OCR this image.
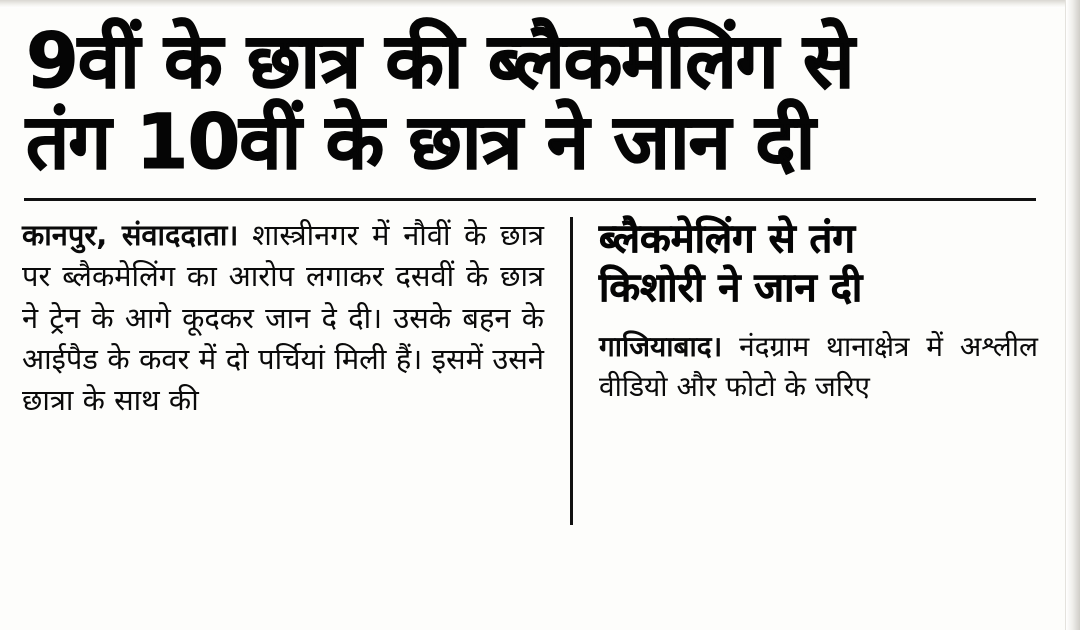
9वीं के छात्र की ब्लैकमेलिंग से
तंग 10वीं के छात्र ने जान दी

कानपुर, संवाददाता। शास्त्रीनगर में नौवीं के छात्र पर ब्लैकमेलिंग का आरोप लगाकर दसवीं के छात्र ने ट्रेन के आगे कूदकर जान दे दी। उसके बहन के आईपैड के कवर में दो पर्चियां मिली हैं। इसमें उसने छात्रा के साथ की

ब्लैकमेलिंग से तंग
किशोरी ने जान दी

गाजियाबाद। नंदग्राम थानाक्षेत्र में अश्लील वीडियो और फोटो के जरिए
